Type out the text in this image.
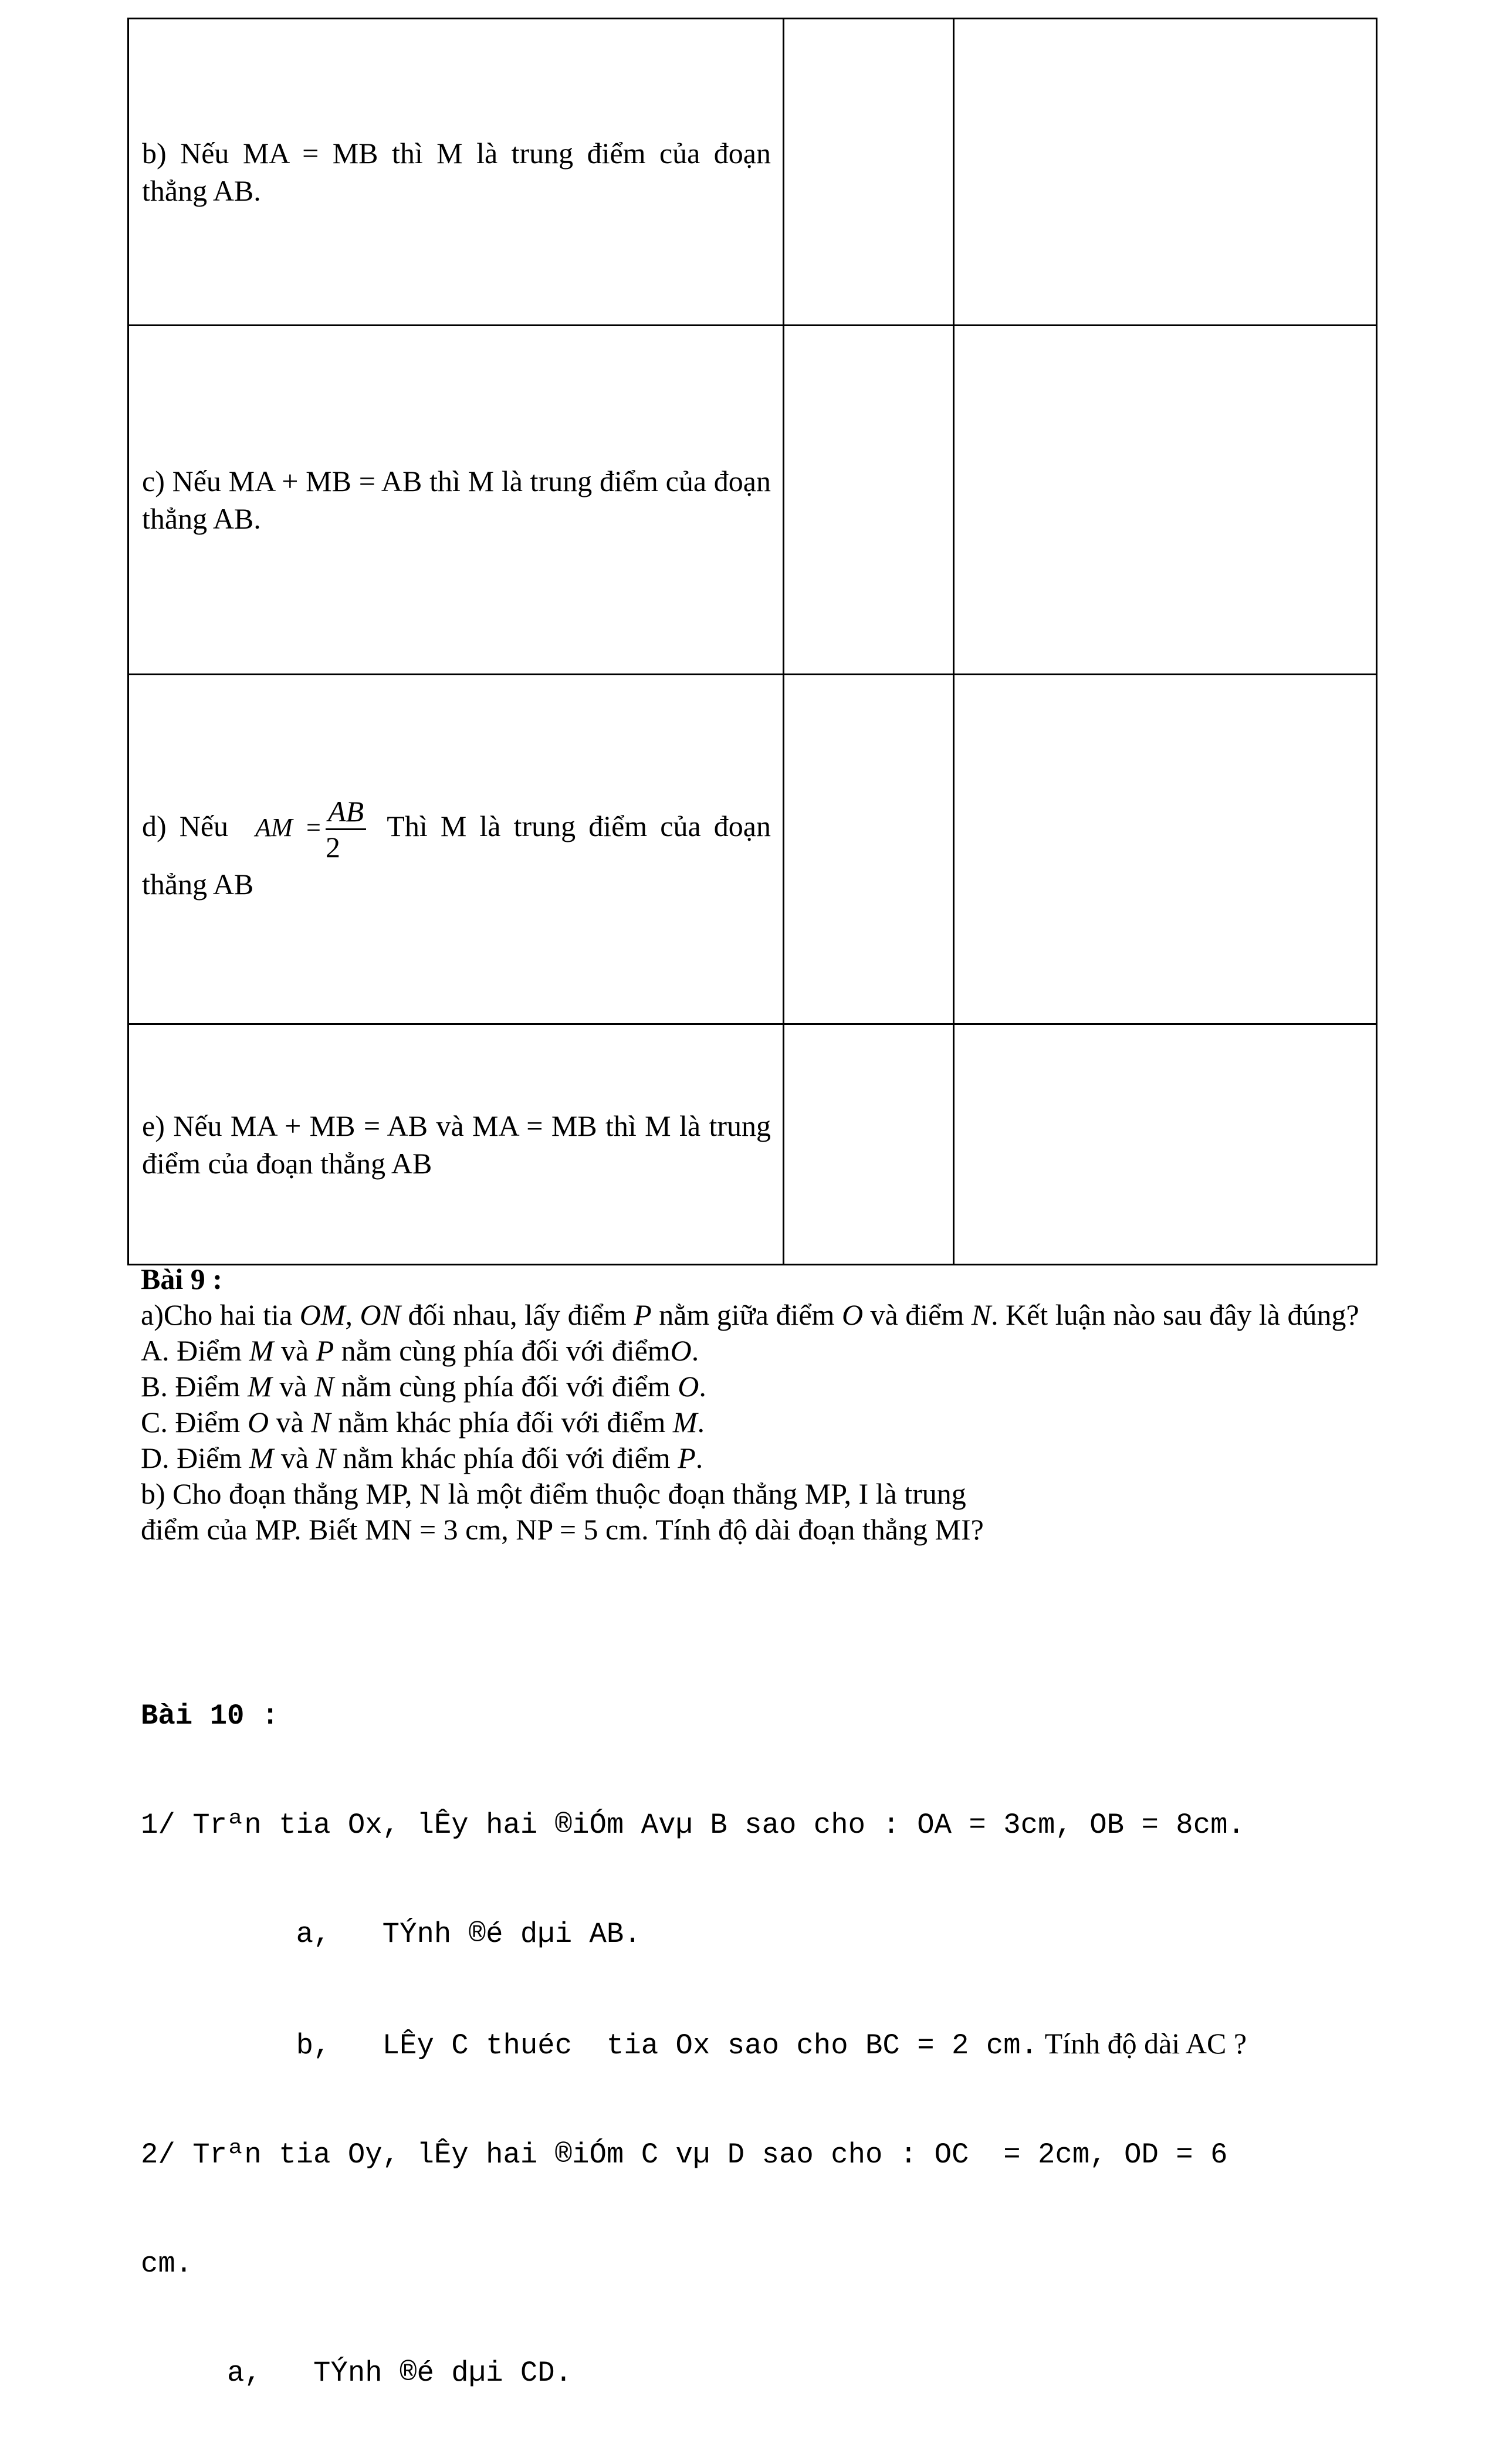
b) Nếu MA = MB thì M là trung điểm của đoạn thẳng AB.		

c) Nếu MA + MB = AB thì M là trung điểm của đoạn thẳng AB.		

d) Nếu AM = $\frac{AB}{2}$ Thì M là trung điểm của đoạn thẳng AB		

e) Nếu MA + MB = AB và MA = MB thì M là trung điểm của đoạn thẳng AB		

Bài 9 :
a)Cho hai tia OM, ON đối nhau, lấy điểm P nằm giữa điểm O và điểm N. Kết luận nào sau đây là đúng?
A. Điểm M và P nằm cùng phía đối với điểmO.
B. Điểm M và N nằm cùng phía đối với điểm O.
C. Điểm O và N nằm khác phía đối với điểm M.
D. Điểm M và N nằm khác phía đối với điểm P.
b) Cho đoạn thẳng MP, N là một điểm thuộc đoạn thẳng MP, I là trung
điểm của MP. Biết MN = 3 cm, NP = 5 cm. Tính độ dài đoạn thẳng MI?

Bài 10 :

1/ Trªn tia Ox, lÊy hai ®iÓm Avµ B sao cho : OA = 3cm, OB = 8cm.

a,   TÝnh ®é dµi AB.

b,   LÊy C thuéc  tia Ox sao cho BC = 2 cm. Tính độ dài AC ?

2/ Trªn tia Oy, lÊy hai ®iÓm C vµ D sao cho : OC  = 2cm, OD = 6

cm.

a,   TÝnh ®é dµi CD.
